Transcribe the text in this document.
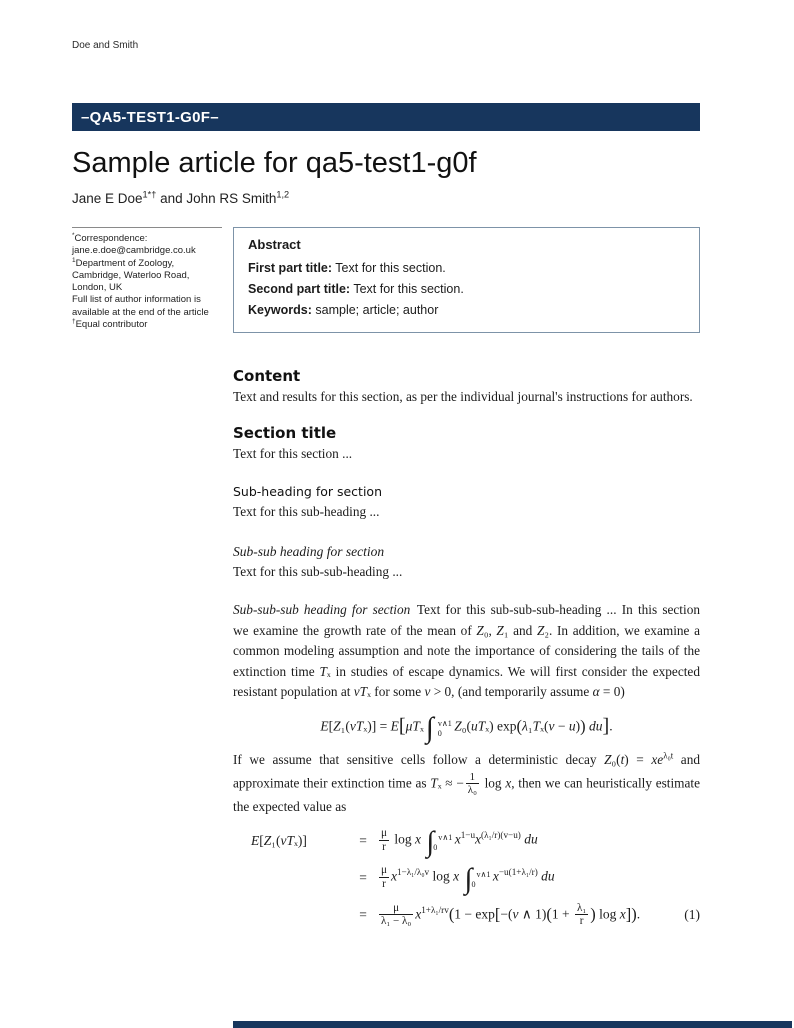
Doe and Smith
–QA5-TEST1-G0F–
Sample article for qa5-test1-g0f
Jane E Doe$^{1*\dagger}$ and John RS Smith$^{1,2}$
*Correspondence:
jane.e.doe@cambridge.co.uk
$^1$Department of Zoology,
Cambridge, Waterloo Road,
London, UK
Full list of author information is
available at the end of the article
†Equal contributor
Abstract
First part title: Text for this section.
Second part title: Text for this section.
Keywords: sample; article; author
Content
Text and results for this section, as per the individual journal's instructions for authors.
Section title
Text for this section ...
Sub-heading for section
Text for this sub-heading ...
Sub-sub heading for section
Text for this sub-sub-heading ...
Sub-sub-sub heading for section Text for this sub-sub-sub-heading ... In this section we examine the growth rate of the mean of Z₀, Z₁ and Z₂. In addition, we examine a common modeling assumption and note the importance of considering the tails of the extinction time Tₓ in studies of escape dynamics. We will first consider the expected resistant population at vTₓ for some v > 0, (and temporarily assume α = 0)
E[Z₁(vTₓ)] = E[μTₓ ∫ v∧1
0
Z₀(uTₓ) exp(λ₁Tₓ(v − u)) du].
If we assume that sensitive cells follow a deterministic decay $Z_0(t) = xe^{\lambda_0t}$ and approximate their extinction time as Tₓ ≈ − $\frac{1}{\text{λ₀}}$ log x, then we can heuristically estimate the expected value as
E[Z₁(vTₓ)]	=	$\frac{\mu}{r}$ log x ∫ v∧1
0
$x^{1-u}x^{(\lambda_1/r)(v-u)}$ du
=	$\frac{\mu}{r} x^{1-\lambda_1/\lambda_0v}$ log x ∫ v∧1
0
$x^{-u(1+\lambda_1/r)}$ du
=	$\frac{\mu}{\text{λ₁ − λ₀}} x^{1+\lambda_1/rv}(1 - \exp[-(v$ ∧ $1)(1 + \frac{\text{λ₁}}{r}$ ) log x]).	(1)
